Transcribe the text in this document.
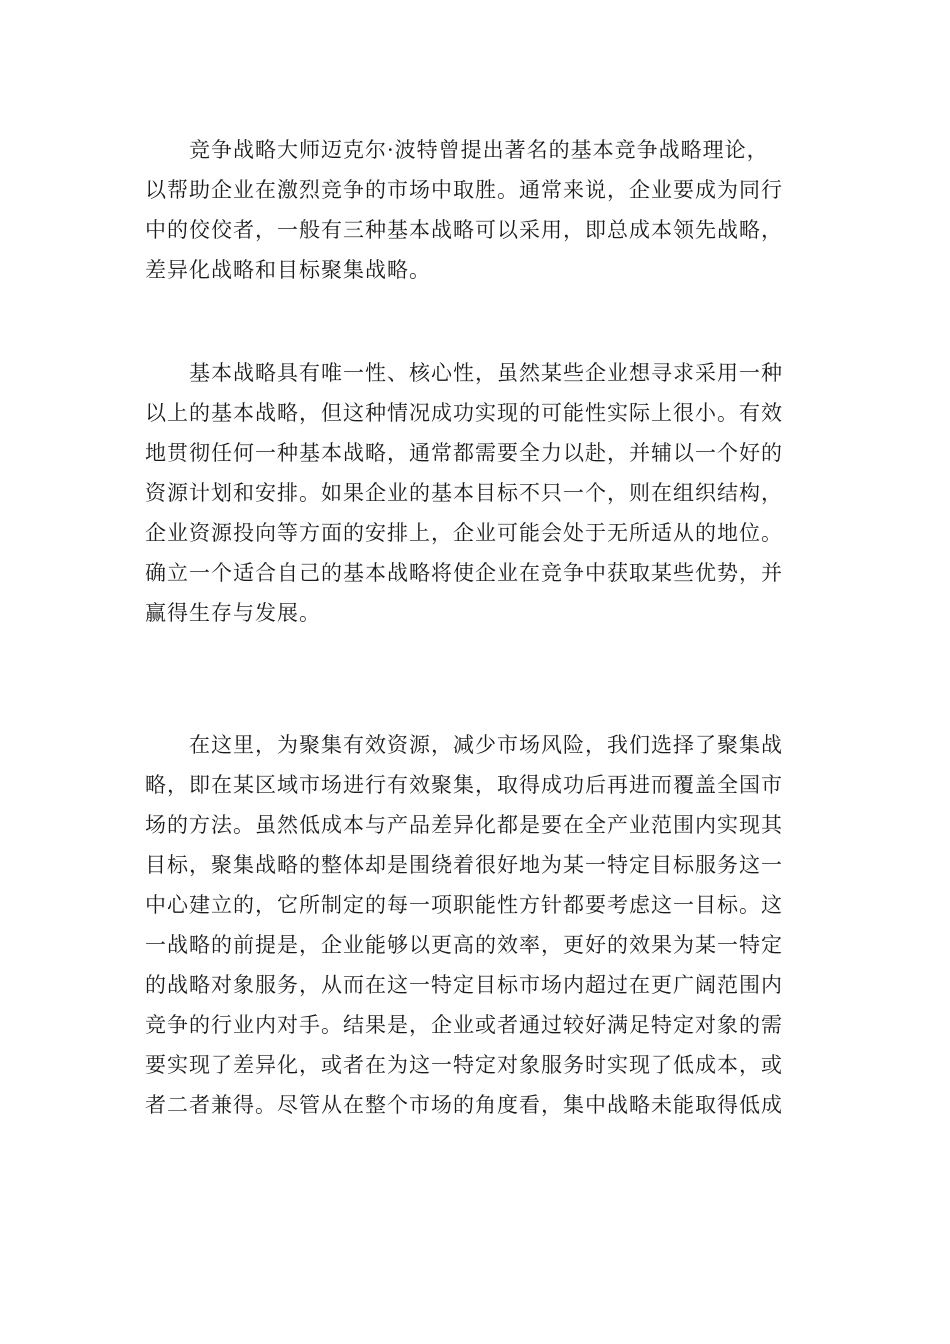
竞争战略大师迈克尔·波特曾提出著名的基本竞争战略理论，
以帮助企业在激烈竞争的市场中取胜。通常来说，企业要成为同行
中的佼佼者，一般有三种基本战略可以采用，即总成本领先战略，
差异化战略和目标聚集战略。
基本战略具有唯一性、核心性，虽然某些企业想寻求采用一种
以上的基本战略，但这种情况成功实现的可能性实际上很小。有效
地贯彻任何一种基本战略，通常都需要全力以赴，并辅以一个好的
资源计划和安排。如果企业的基本目标不只一个，则在组织结构，
企业资源投向等方面的安排上，企业可能会处于无所适从的地位。
确立一个适合自己的基本战略将使企业在竞争中获取某些优势，并
赢得生存与发展。
在这里，为聚集有效资源，减少市场风险，我们选择了聚集战
略，即在某区域市场进行有效聚集，取得成功后再进而覆盖全国市
场的方法。虽然低成本与产品差异化都是要在全产业范围内实现其
目标，聚集战略的整体却是围绕着很好地为某一特定目标服务这一
中心建立的，它所制定的每一项职能性方针都要考虑这一目标。这
一战略的前提是，企业能够以更高的效率，更好的效果为某一特定
的战略对象服务，从而在这一特定目标市场内超过在更广阔范围内
竞争的行业内对手。结果是，企业或者通过较好满足特定对象的需
要实现了差异化，或者在为这一特定对象服务时实现了低成本，或
者二者兼得。尽管从在整个市场的角度看，集中战略未能取得低成
